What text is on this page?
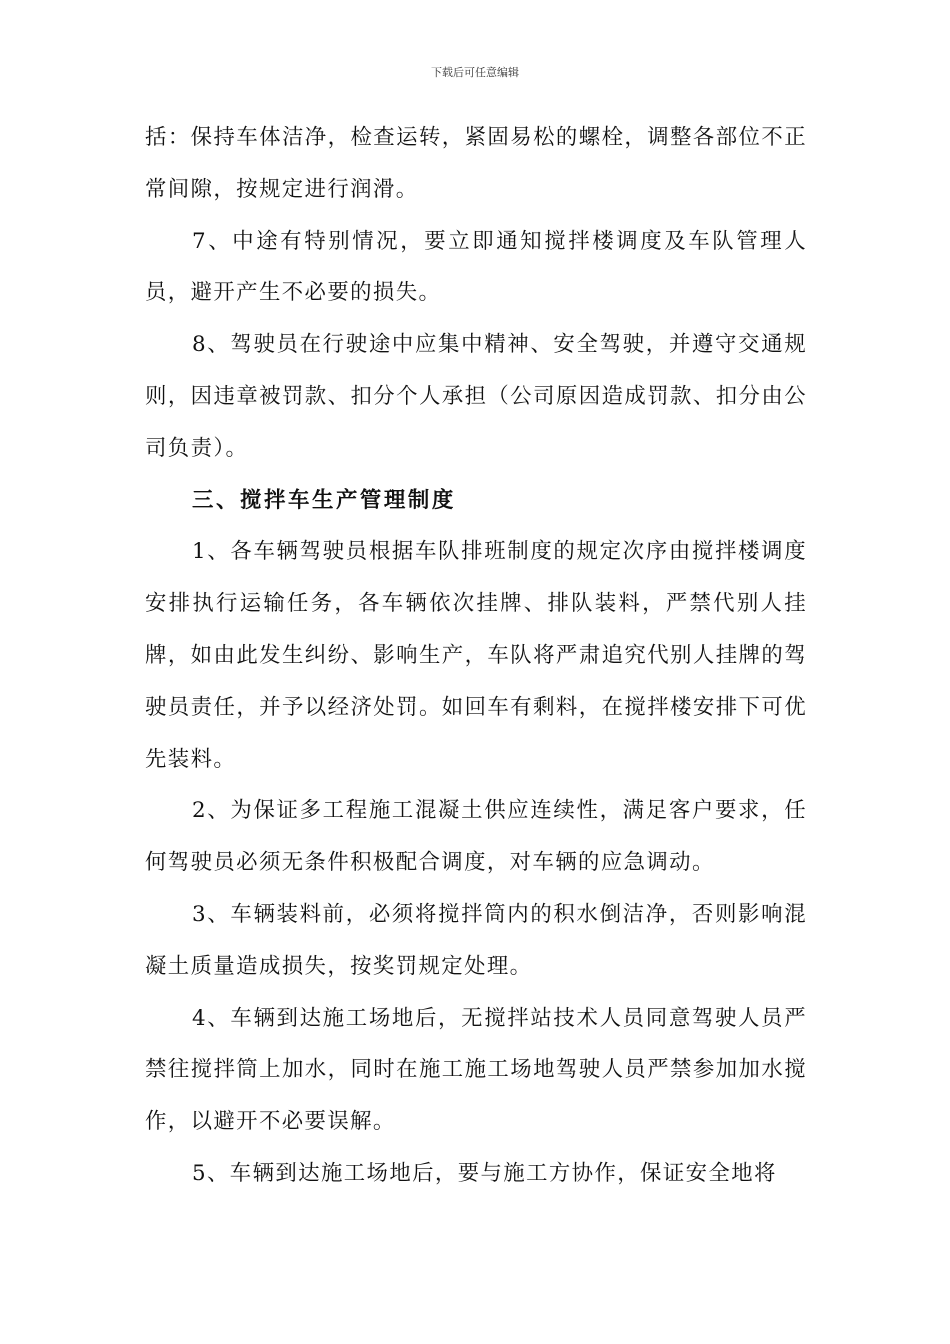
下载后可任意编辑

括：保持车体洁净，检查运转，紧固易松的螺栓，调整各部位不正常间隙，按规定进行润滑。

7、中途有特别情况，要立即通知搅拌楼调度及车队管理人员，避开产生不必要的损失。

8、驾驶员在行驶途中应集中精神、安全驾驶，并遵守交通规则，因违章被罚款、扣分个人承担（公司原因造成罚款、扣分由公司负责）。

三、搅拌车生产管理制度

1、各车辆驾驶员根据车队排班制度的规定次序由搅拌楼调度安排执行运输任务，各车辆依次挂牌、排队装料，严禁代别人挂牌，如由此发生纠纷、影响生产，车队将严肃追究代别人挂牌的驾驶员责任，并予以经济处罚。如回车有剩料，在搅拌楼安排下可优先装料。

2、为保证多工程施工混凝土供应连续性，满足客户要求，任何驾驶员必须无条件积极配合调度，对车辆的应急调动。

3、车辆装料前，必须将搅拌筒内的积水倒洁净，否则影响混凝土质量造成损失，按奖罚规定处理。

4、车辆到达施工场地后，无搅拌站技术人员同意驾驶人员严禁往搅拌筒上加水，同时在施工施工场地驾驶人员严禁参加加水搅作，以避开不必要误解。

5、车辆到达施工场地后，要与施工方协作，保证安全地将
